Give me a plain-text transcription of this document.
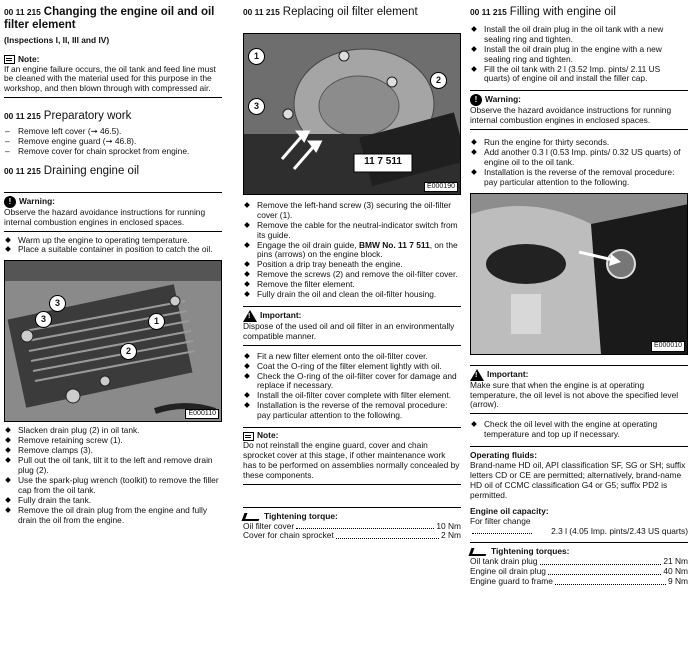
00 11 215 Changing the engine oil and oil filter element
(Inspections I, II, III and IV)
Note:
If an engine failure occurs, the oil tank and feed line must be cleaned with the material used for this purpose in the workshop, and then blown through with compressed air.
00 11 215 Preparatory work
– Remove left cover (➞ 46.5).
– Remove engine guard (➞ 46.8).
– Remove cover for chain sprocket from engine.
00 11 215 Draining engine oil
! Warning:
Observe the hazard avoidance instructions for running internal combustion engines in enclosed spaces.
Warm up the engine to operating temperature.
Place a suitable container in position to catch the oil.
3
3	1
2
E000110
Slacken drain plug (2) in oil tank.
Remove retaining screw (1).
Remove clamps (3).
Pull out the oil tank, tilt it to the left and remove drain plug (2).
Use the spark-plug wrench (toolkit) to remove the filler cap from the oil tank.
Fully drain the tank.
Remove the oil drain plug from the engine and fully drain the oil from the engine.
00 11 215 Replacing oil filter element
1
3
2
11 7 511
E000190
Remove the left-hand screw (3) securing the oil-filter cover (1).
Remove the cable for the neutral-indicator switch from its guide.
Engage the oil drain guide, BMW No. 11 7 511, on the pins (arrows) on the engine block.
Position a drip tray beneath the engine.
Remove the screws (2) and remove the oil-filter cover.
Remove the filter element.
Fully drain the oil and clean the oil-filter housing.
! Important:
Dispose of the used oil and oil filter in an environmentally compatible manner.
Fit a new filter element onto the oil-filter cover.
Coat the O-ring of the filter element lightly with oil.
Check the O-ring of the oil-filter cover for damage and replace if necessary.
Install the oil-filter cover complete with filter element.
Installation is the reverse of the removal procedure: pay particular attention to the following.
Note:
Do not reinstall the engine guard, cover and chain sprocket cover at this stage, if other maintenance work has to be performed on assemblies normally concealed by these components.
Tightening torque:
Oil filter cover	10 Nm
Cover for chain sprocket	2 Nm
00 11 215 Filling with engine oil
Install the oil drain plug in the oil tank with a new sealing ring and tighten.
Install the oil drain plug in the engine with a new sealing ring and tighten.
Fill the oil tank with 2 l (3.52 Imp. pints/ 2.11 US quarts) of engine oil and install the filler cap.
! Warning:
Observe the hazard avoidance instructions for running internal combustion engines in enclosed spaces.
Run the engine for thirty seconds.
Add another 0.3 l (0.53 Imp. pints/ 0.32 US quarts) of engine oil to the oil tank.
Installation is the reverse of the removal procedure: pay particular attention to the following.
E000010
! Important:
Make sure that when the engine is at operating temperature, the oil level is not above the specified level (arrow).
Check the oil level with the engine at operating temperature and top up if necessary.
Operating fluids:
Brand-name HD oil, API classification SF, SG or SH; suffix letters CD or CE are permitted; alternatively, brand-name HD oil of CCMC classification G4 or G5; suffix PD2 is permitted.
Engine oil capacity:
For filter change
2.3 l (4.05 Imp. pints/2.43 US quarts)
Tightening torques:
Oil tank drain plug	21 Nm
Engine oil drain plug	40 Nm
Engine guard to frame	9 Nm
